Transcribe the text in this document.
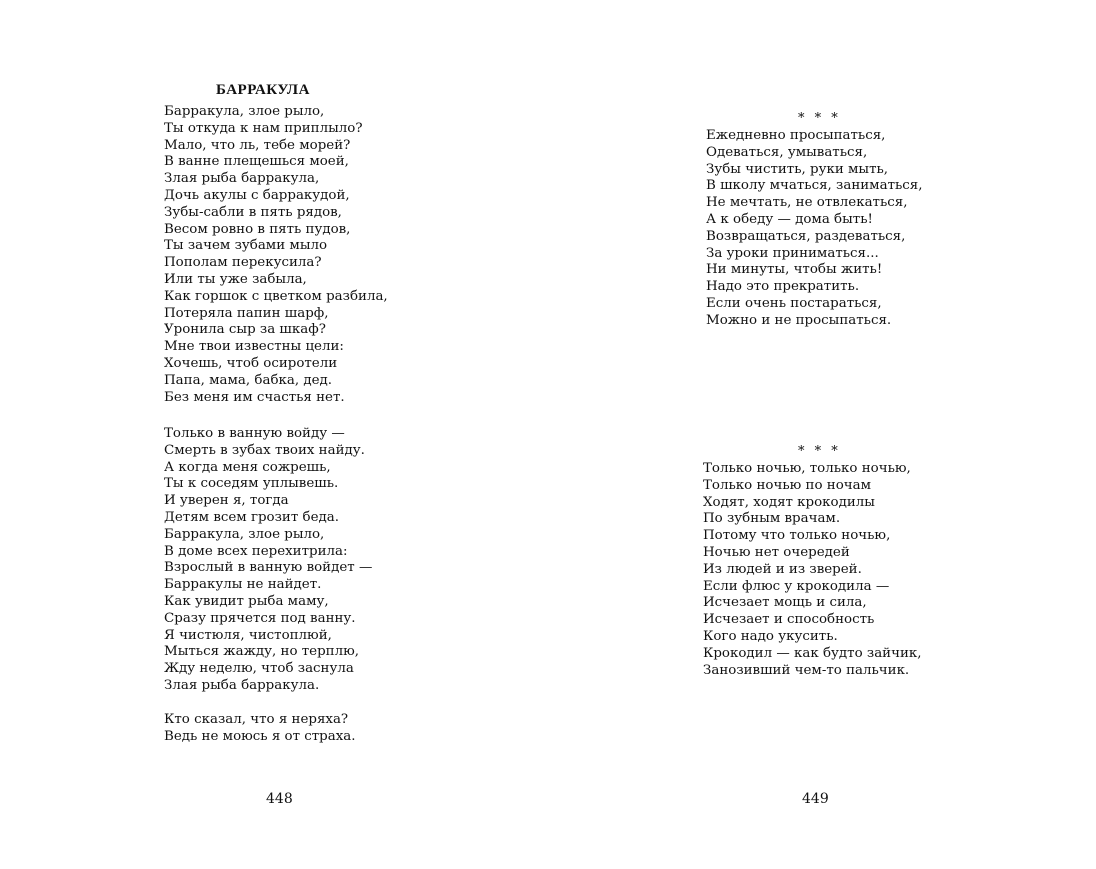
БАРРАКУЛА
Барракула, злое рыло,
Ты откуда к нам приплыло?
Мало, что ль, тебе морей?
В ванне плещешься моей,
Злая рыба барракула,
Дочь акулы с барракудой,
Зубы-сабли в пять рядов,
Весом ровно в пять пудов,
Ты зачем зубами мыло
Пополам перекусила?
Или ты уже забыла,
Как горшок с цветком разбила,
Потеряла папин шарф,
Уронила сыр за шкаф?
Мне твои известны цели:
Хочешь, чтоб осиротели
Папа, мама, бабка, дед.
Без меня им счастья нет.
Только в ванную войду —
Смерть в зубах твоих найду.
А когда меня сожрешь,
Ты к соседям уплывешь.
И уверен я, тогда
Детям всем грозит беда.
Барракула, злое рыло,
В доме всех перехитрила:
Взрослый в ванную войдет —
Барракулы не найдет.
Как увидит рыба маму,
Сразу прячется под ванну.
Я чистюля, чистоплюй,
Мыться жажду, но терплю,
Жду неделю, чтоб заснула
Злая рыба барракула.
Кто сказал, что я неряха?
Ведь не моюсь я от страха.

448

* * *

Ежедневно просыпаться,
Одеваться, умываться,
Зубы чистить, руки мыть,
В школу мчаться, заниматься,
Не мечтать, не отвлекаться,
А к обеду — дома быть!
Возвращаться, раздеваться,
За уроки приниматься...
Ни минуты, чтобы жить!
Надо это прекратить.
Если очень постараться,
Можно и не просыпаться.

* * *

Только ночью, только ночью,
Только ночью по ночам
Ходят, ходят крокодилы
По зубным врачам.
Потому что только ночью,
Ночью нет очередей
Из людей и из зверей.
Если флюс у крокодила —
Исчезает мощь и сила,
Исчезает и способность
Кого надо укусить.
Крокодил — как будто зайчик,
Занозивший чем-то пальчик.

449
